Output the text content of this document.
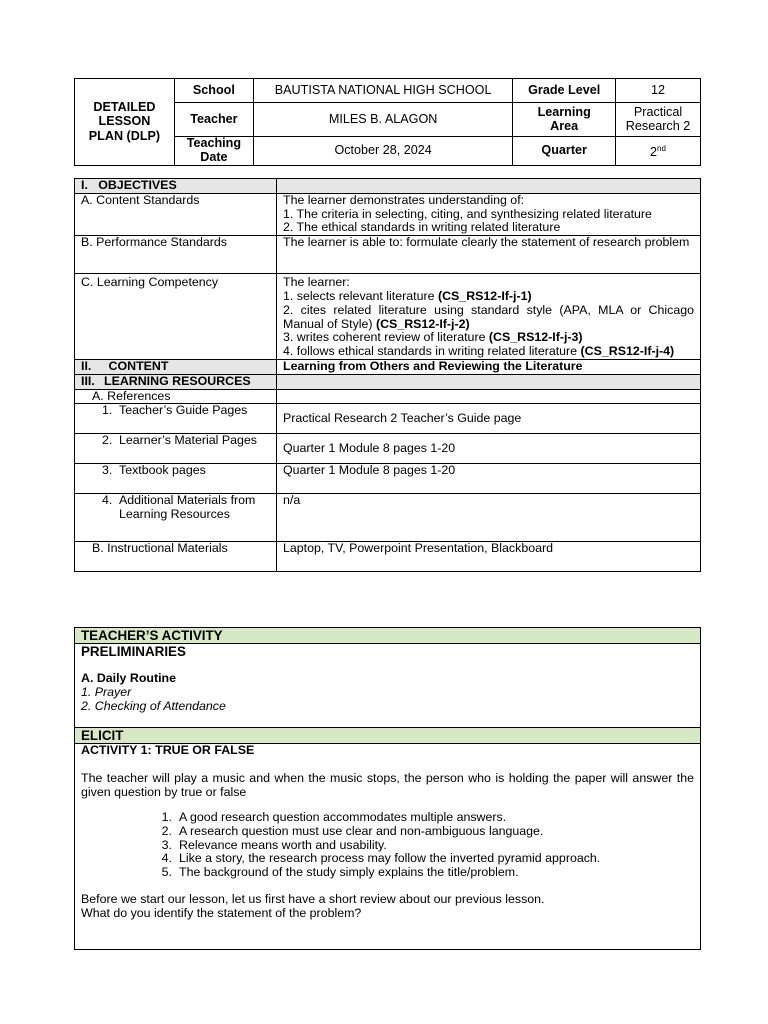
DETAILED LESSON PLAN (DLP)	School	BAUTISTA NATIONAL HIGH SCHOOL	Grade Level	12
	Teacher	MILES B. ALAGON	Learning Area	Practical Research 2
	Teaching Date	October 28, 2024	Quarter	2nd
I.   OBJECTIVES	
A. Content Standards	The learner demonstrates understanding of:
1. The criteria in selecting, citing, and synthesizing related literature
2. The ethical standards in writing related literature

B. Performance Standards	The learner is able to: formulate clearly the statement of research problem
C. Learning Competency	The learner:
1. selects relevant literature (CS_RS12-If-j-1)
2. cites related literature using standard style (APA, MLA or Chicago Manual of Style) (CS_RS12-If-j-2)
3. writes coherent review of literature (CS_RS12-If-j-3)
4. follows ethical standards in writing related literature (CS_RS12-If-j-4)

II.     CONTENT	Learning from Others and Reviewing the Literature

III. LEARNING RESOURCES	

A. References	

1. Teacher’s Guide Pages	Practical Research 2 Teacher’s Guide page

2. Learner’s Material Pages	Quarter 1 Module 8 pages 1-20

3. Textbook pages	Quarter 1 Module 8 pages 1-20

4. Additional Materials from Learning Resources	n/a
B. Instructional Materials	Laptop, TV, Powerpoint Presentation, Blackboard
TEACHER’S ACTIVITY

PRELIMINARIES
A. Daily Routine
1. Prayer
2. Checking of Attendance

ELICIT

ACTIVITY 1: TRUE OR FALSE
The teacher will play a music and when the music stops, the person who is holding the paper will answer the given question by true or false
1. A good research question accommodates multiple answers.
2. A research question must use clear and non-ambiguous language.
3. Relevance means worth and usability.
4. Like a story, the research process may follow the inverted pyramid approach.
5. The background of the study simply explains the title/problem.
Before we start our lesson, let us first have a short review about our previous lesson.
What do you identify the statement of the problem?
